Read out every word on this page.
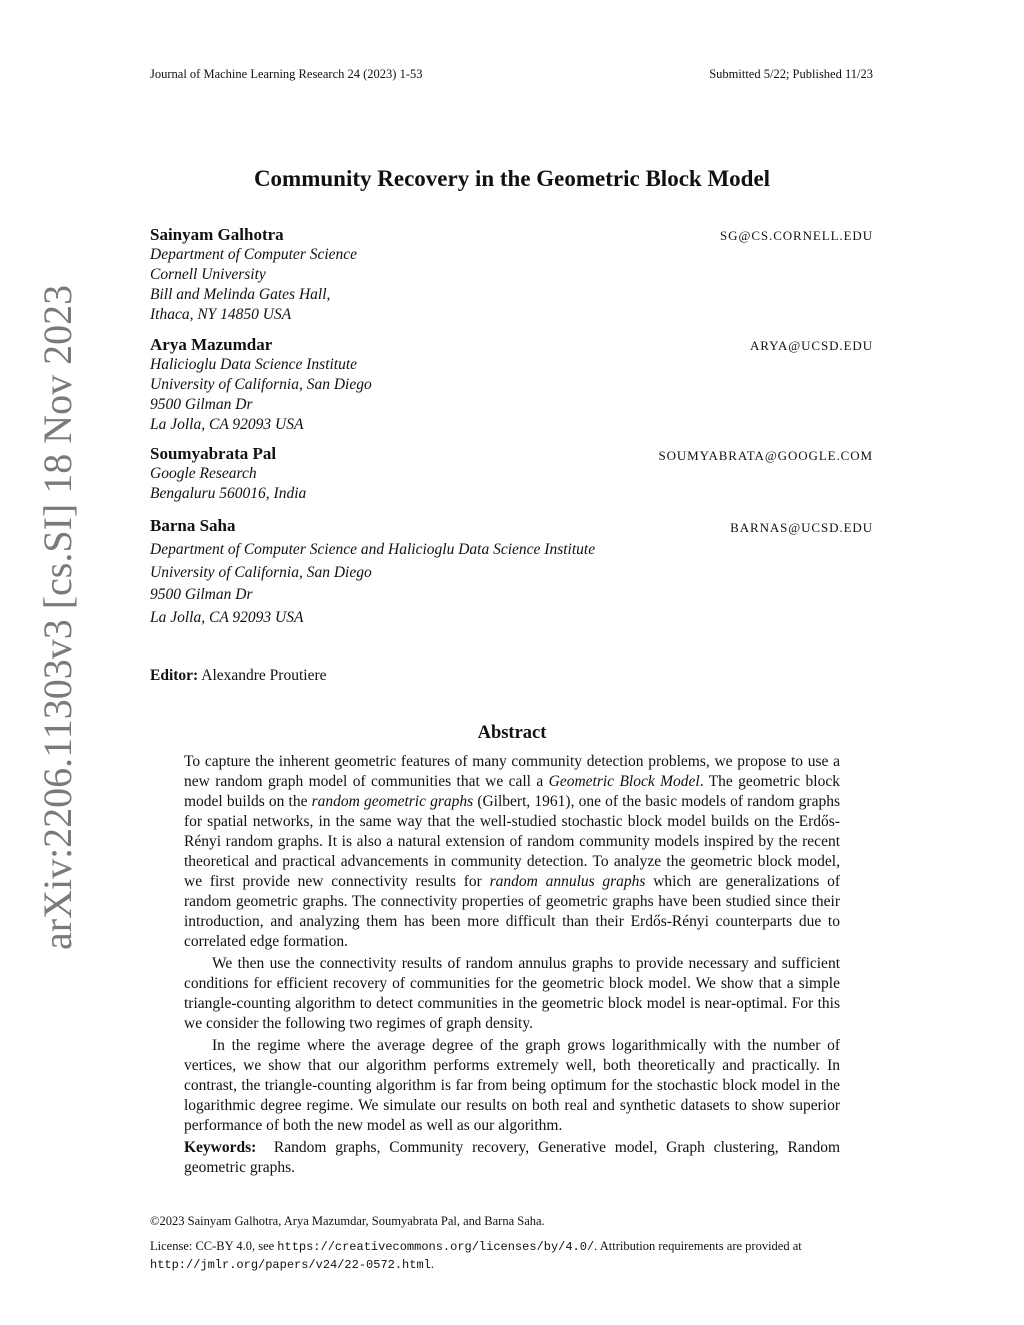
Journal of Machine Learning Research 24 (2023) 1-53	Submitted 5/22; Published 11/23
arXiv:2206.11303v3 [cs.SI] 18 Nov 2023
Community Recovery in the Geometric Block Model
Sainyam Galhotra	SG@CS.CORNELL.EDU
Department of Computer Science
Cornell University
Bill and Melinda Gates Hall,
Ithaca, NY 14850 USA
Arya Mazumdar	ARYA@UCSD.EDU
Halicioglu Data Science Institute
University of California, San Diego
9500 Gilman Dr
La Jolla, CA 92093 USA
Soumyabrata Pal	SOUMYABRATA@GOOGLE.COM
Google Research
Bengaluru 560016, India
Barna Saha	BARNAS@UCSD.EDU
Department of Computer Science and Halicioglu Data Science Institute
University of California, San Diego
9500 Gilman Dr
La Jolla, CA 92093 USA
Editor: Alexandre Proutiere
Abstract

To capture the inherent geometric features of many community detection problems, we propose to use a new random graph model of communities that we call a Geometric Block Model. The geometric block model builds on the random geometric graphs (Gilbert, 1961), one of the basic models of random graphs for spatial networks, in the same way that the well-studied stochastic block model builds on the Erdős-Rényi random graphs. It is also a natural extension of random community models inspired by the recent theoretical and practical advancements in community detection. To analyze the geometric block model, we first provide new connectivity results for random annulus graphs which are generalizations of random geometric graphs. The connectivity properties of geometric graphs have been studied since their introduction, and analyzing them has been more difficult than their Erdős-Rényi counterparts due to correlated edge formation.

We then use the connectivity results of random annulus graphs to provide necessary and sufficient conditions for efficient recovery of communities for the geometric block model. We show that a simple triangle-counting algorithm to detect communities in the geometric block model is near-optimal. For this we consider the following two regimes of graph density.

In the regime where the average degree of the graph grows logarithmically with the number of vertices, we show that our algorithm performs extremely well, both theoretically and practically. In contrast, the triangle-counting algorithm is far from being optimum for the stochastic block model in the logarithmic degree regime. We simulate our results on both real and synthetic datasets to show superior performance of both the new model as well as our algorithm.

Keywords: Random graphs, Community recovery, Generative model, Graph clustering, Random geometric graphs.

©2023 Sainyam Galhotra, Arya Mazumdar, Soumyabrata Pal, and Barna Saha.
License: CC-BY 4.0, see https://creativecommons.org/licenses/by/4.0/. Attribution requirements are provided at
http://jmlr.org/papers/v24/22-0572.html.
